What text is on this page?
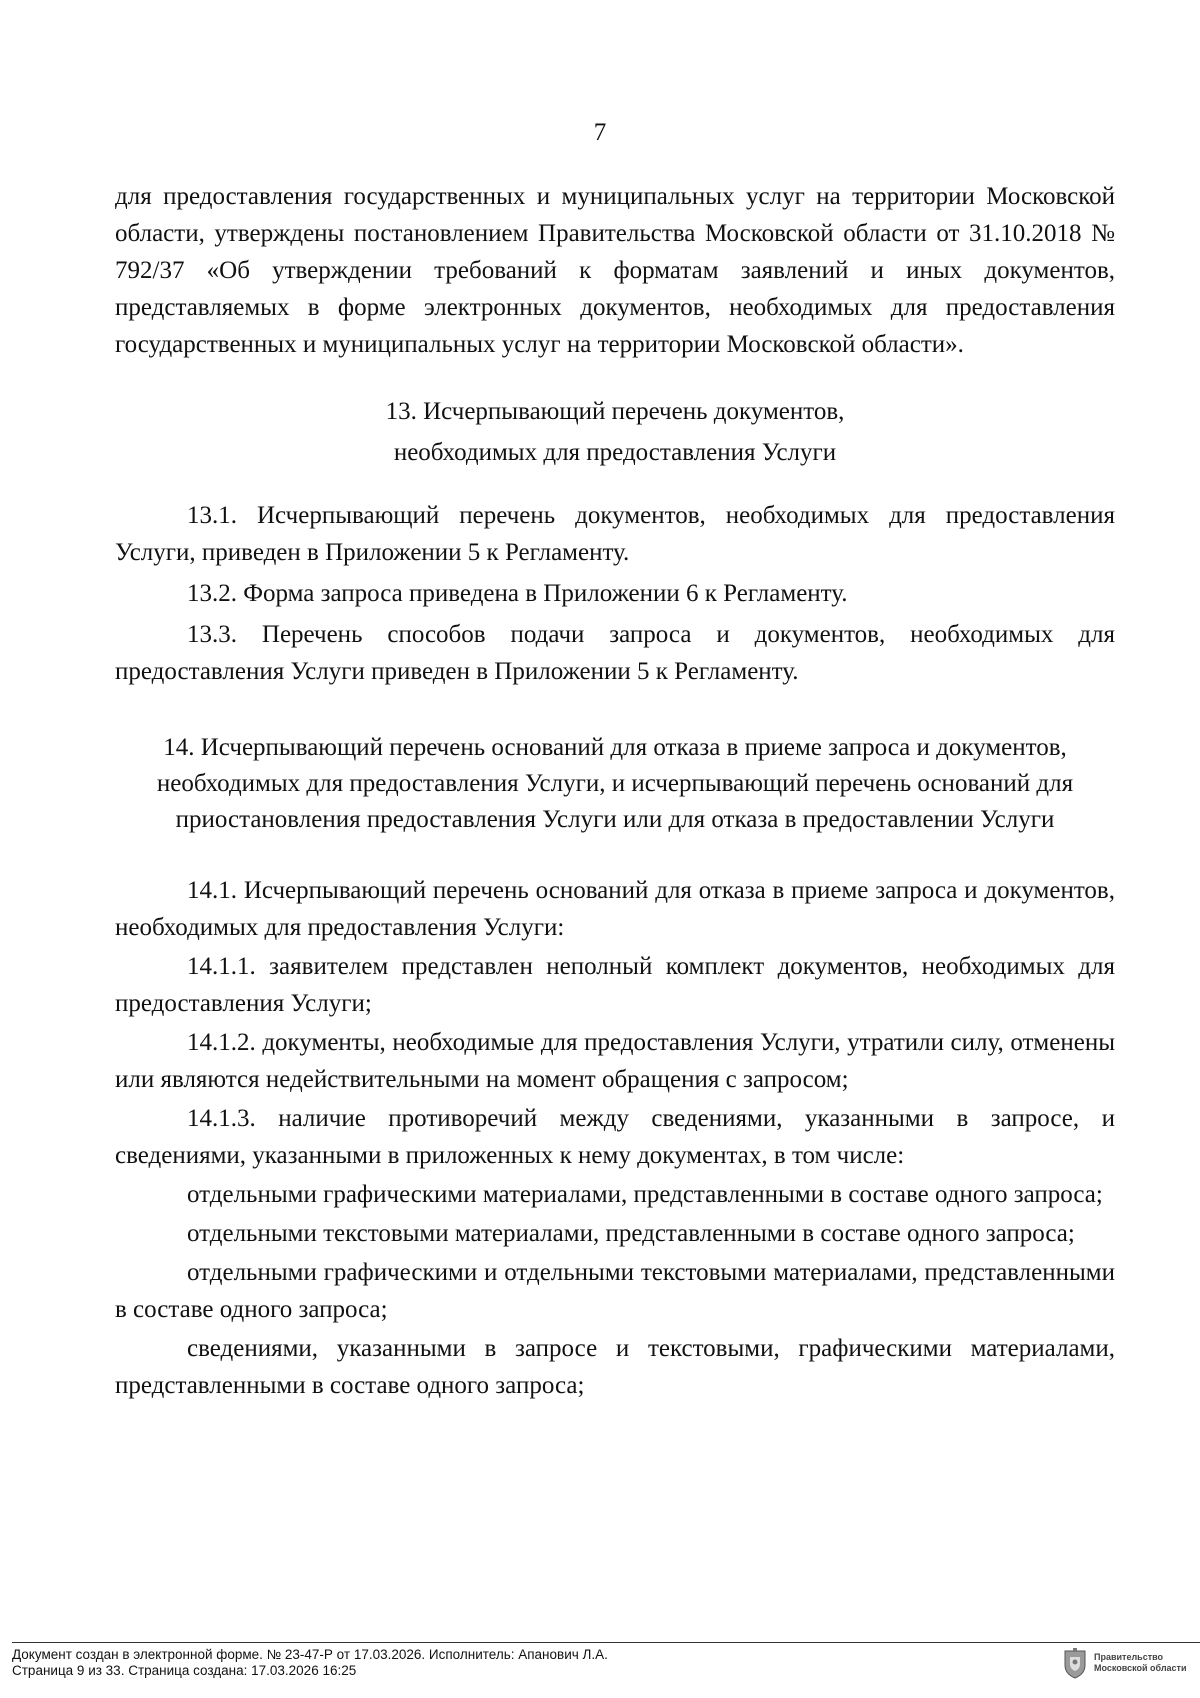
7

для предоставления государственных и муниципальных услуг на территории Московской области, утверждены постановлением Правительства Московской области от 31.10.2018 № 792/37 «Об утверждении требований к форматам заявлений и иных документов, представляемых в форме электронных документов, необходимых для предоставления государственных и муниципальных услуг на территории Московской области».

13. Исчерпывающий перечень документов,
необходимых для предоставления Услуги

13.1. Исчерпывающий перечень документов, необходимых для предоставления Услуги, приведен в Приложении 5 к Регламенту.

13.2. Форма запроса приведена в Приложении 6 к Регламенту.

13.3. Перечень способов подачи запроса и документов, необходимых для предоставления Услуги приведен в Приложении 5 к Регламенту.

14. Исчерпывающий перечень оснований для отказа в приеме запроса и документов, необходимых для предоставления Услуги, и исчерпывающий перечень оснований для приостановления предоставления Услуги или для отказа в предоставлении Услуги

14.1. Исчерпывающий перечень оснований для отказа в приеме запроса и документов, необходимых для предоставления Услуги:

14.1.1. заявителем представлен неполный комплект документов, необходимых для предоставления Услуги;

14.1.2. документы, необходимые для предоставления Услуги, утратили силу, отменены или являются недействительными на момент обращения с запросом;

14.1.3. наличие противоречий между сведениями, указанными в запросе, и сведениями, указанными в приложенных к нему документах, в том числе:

отдельными графическими материалами, представленными в составе одного запроса;

отдельными текстовыми материалами, представленными в составе одного запроса;

отдельными графическими и отдельными текстовыми материалами, представленными в составе одного запроса;

сведениями, указанными в запросе и текстовыми, графическими материалами, представленными в составе одного запроса;

Документ создан в электронной форме. № 23-47-Р от 17.03.2026. Исполнитель: Апанович Л.А.
Страница 9 из 33. Страница создана: 17.03.2026 16:25
Правительство
Московской области
